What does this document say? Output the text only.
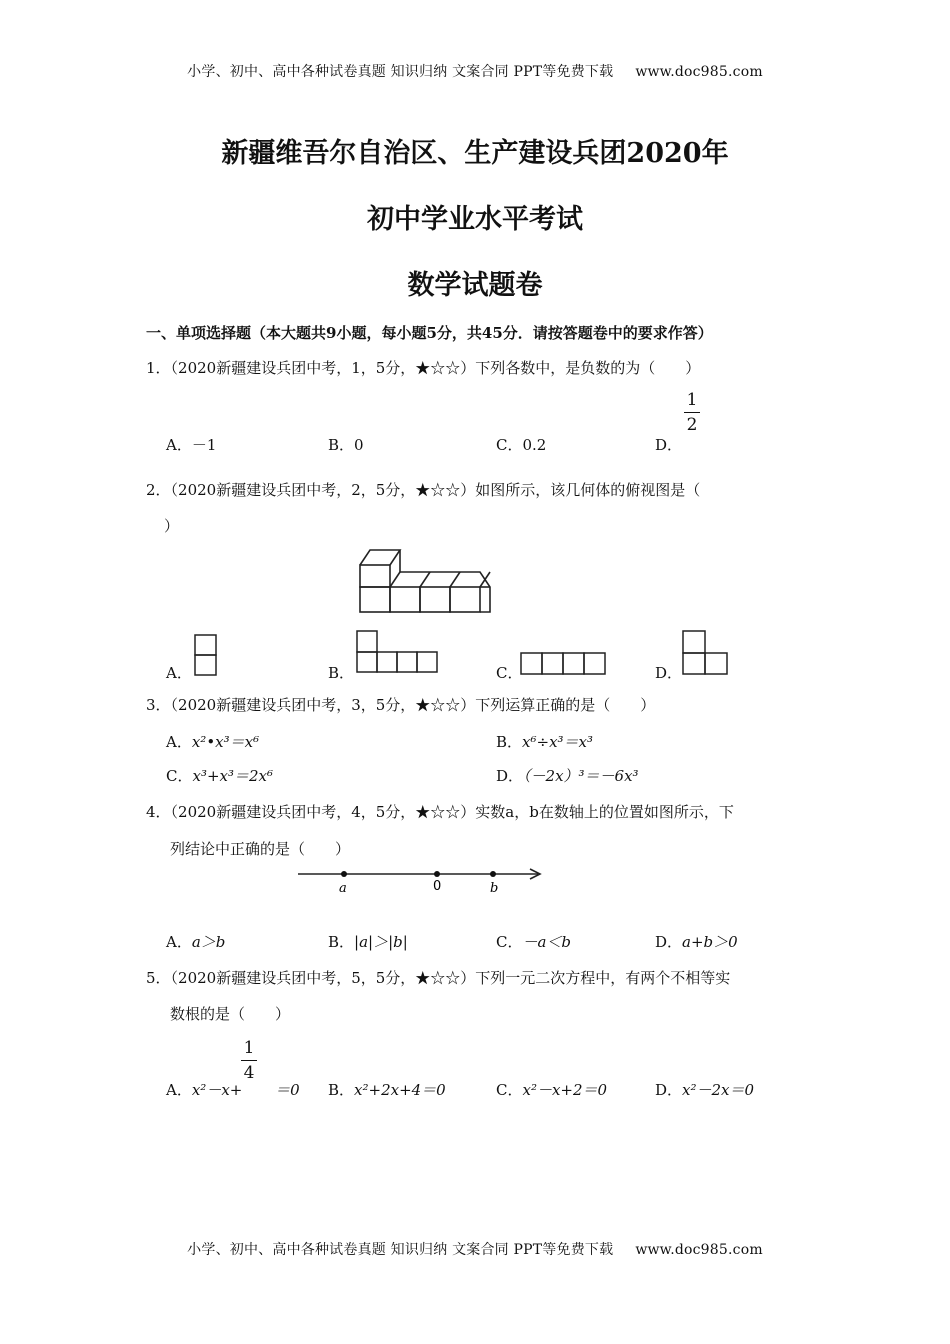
小学、初中、高中各种试卷真题 知识归纳 文案合同 PPT等免费下载 www.doc985.com
新疆维吾尔自治区、生产建设兵团2020年
初中学业水平考试
数学试题卷
一、单项选择题（本大题共9小题，每小题5分，共45分．请按答题卷中的要求作答）
1．（2020新疆建设兵团中考，1，5分，★☆☆）下列各数中，是负数的为（　　）
A．－1	B．0	C．0.2	D．
1
2
2．（2020新疆建设兵团中考，2，5分，★☆☆）如图所示，该几何体的俯视图是（
）
A．	B．	C．	D．
3．（2020新疆建设兵团中考，3，5分，★☆☆）下列运算正确的是（　　）
A．x²•x³＝x⁶	B．x⁶÷x³＝x³
C．x³+x³＝2x⁶	D．（－2x）³＝－6x³
4．（2020新疆建设兵团中考，4，5分，★☆☆）实数a，b在数轴上的位置如图所示，下
列结论中正确的是（　　）
a	0	b
A．a＞b	B．|a|＞|b|	C．－a＜b	D．a+b＞0
5．（2020新疆建设兵团中考，5，5分，★☆☆）下列一元二次方程中，有两个不相等实
数根的是（　　）
1
4
A．x²－x+ ＝0 B．x²+2x+4＝0	C．x²－x+2＝0	D．x²－2x＝0
小学、初中、高中各种试卷真题 知识归纳 文案合同 PPT等免费下载 www.doc985.com
